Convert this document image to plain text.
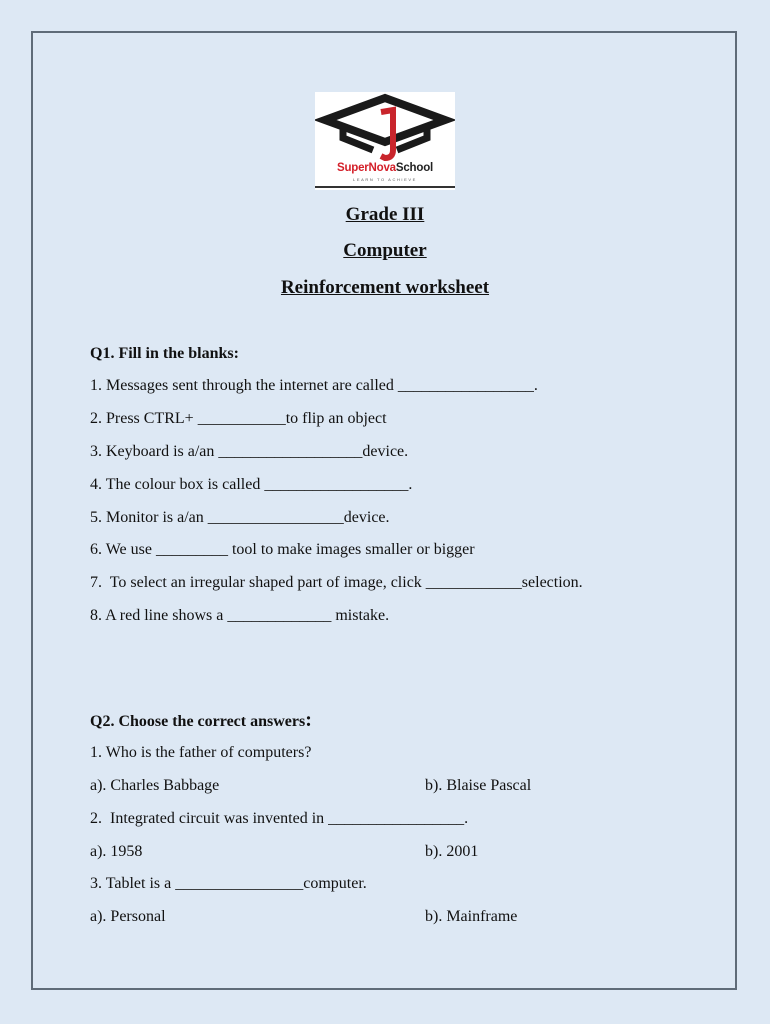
SuperNovaSchool
LEARN TO ACHIEVE
Grade III
Computer
Reinforcement worksheet
Q1. Fill in the blanks:
1. Messages sent through the internet are called _________________.
2. Press CTRL+ ___________to flip an object
3. Keyboard is a/an __________________device.
4. The colour box is called __________________.
5. Monitor is a/an _________________device.
6. We use _________ tool to make images smaller or bigger
7.  To select an irregular shaped part of image, click ____________selection.
8. A red line shows a _____________ mistake.
Q2. Choose the correct answers:
1. Who is the father of computers?
a). Charles Babbage	b). Blaise Pascal
2.  Integrated circuit was invented in _________________.
a). 1958	b). 2001
3. Tablet is a ________________computer.
a). Personal	b). Mainframe
